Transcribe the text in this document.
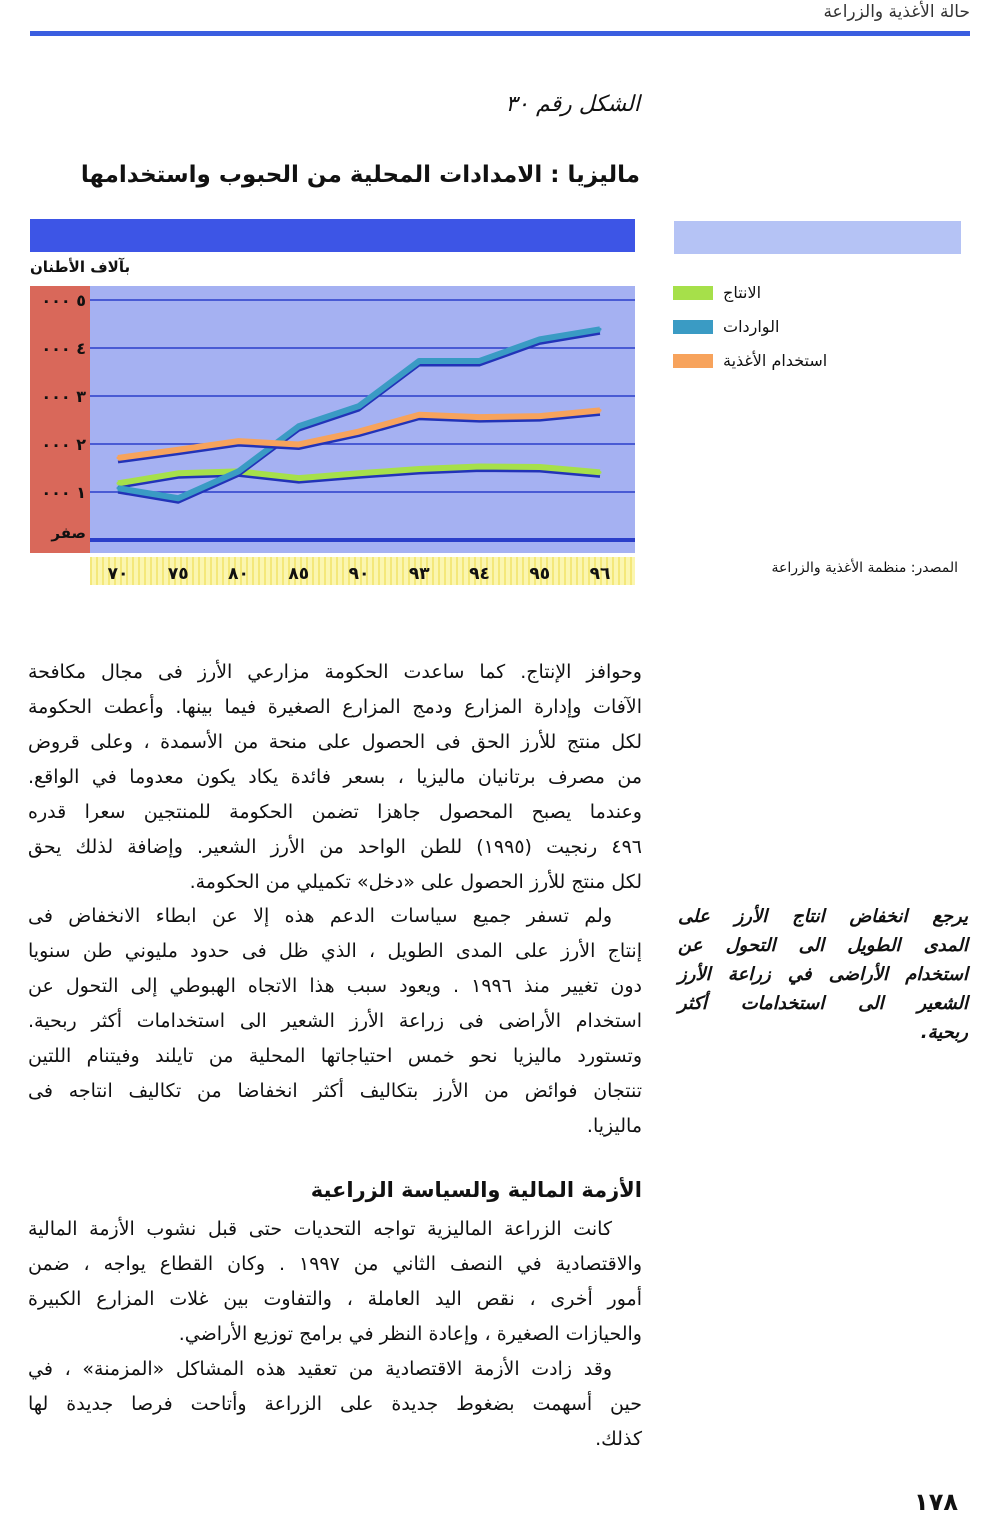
حالة الأغذية والزراعة
الشكل رقم ٣٠
ماليزيا : الامدادات المحلية من الحبوب واستخدامها
بآلاف الأطنان
صفر
١ ٠٠٠
٢ ٠٠٠
٣ ٠٠٠
٤ ٠٠٠
٥ ٠٠٠
٧٠ ٧٥ ٨٠ ٨٥ ٩٠ ٩٣ ٩٤ ٩٥ ٩٦
الانتاج
الواردات
استخدام الأغذية
المصدر: منظمة الأغذية والزراعة
وحوافز الإنتاج. كما ساعدت الحكومة مزارعي الأرز فى مجال مكافحة
الآفات وإدارة المزارع ودمج المزارع الصغيرة فيما بينها. وأعطت الحكومة
لكل منتج للأرز الحق فى الحصول على منحة من الأسمدة ، وعلى قروض
من مصرف برتانيان ماليزيا ، بسعر فائدة يكاد يكون معدوما في الواقع.
وعندما يصبح المحصول جاهزا تضمن الحكومة للمنتجين سعرا قدره
٤٩٦ رنجيت (١٩٩٥) للطن الواحد من الأرز الشعير. وإضافة لذلك يحق
لكل منتج للأرز الحصول على «دخل» تكميلي من الحكومة.
ولم تسفر جميع سياسات الدعم هذه إلا عن ابطاء الانخفاض فى
إنتاج الأرز على المدى الطويل ، الذي ظل فى حدود مليوني طن سنويا
دون تغيير منذ ١٩٩٦ . ويعود سبب هذا الاتجاه الهبوطي إلى التحول عن
استخدام الأراضى فى زراعة الأرز الشعير الى استخدامات أكثر ربحية.
وتستورد ماليزيا نحو خمس احتياجاتها المحلية من تايلند وفيتنام اللتين
تنتجان فوائض من الأرز بتكاليف أكثر انخفاضا من تكاليف انتاجه فى
ماليزيا.
الأزمة المالية والسياسة الزراعية
كانت الزراعة الماليزية تواجه التحديات حتى قبل نشوب الأزمة المالية
والاقتصادية في النصف الثاني من ١٩٩٧ . وكان القطاع يواجه ، ضمن
أمور أخرى ، نقص اليد العاملة ، والتفاوت بين غلات المزارع الكبيرة
والحيازات الصغيرة ، وإعادة النظر في برامج توزيع الأراضي.
وقد زادت الأزمة الاقتصادية من تعقيد هذه المشاكل «المزمنة» ، في
حين أسهمت بضغوط جديدة على الزراعة وأتاحت فرصا جديدة لها
كذلك.
يرجع انخفاض انتاج الأرز على
المدى الطويل الى التحول عن
استخدام الأراضى في زراعة الأرز
الشعير الى استخدامات أكثر
ربحية.
١٧٨
